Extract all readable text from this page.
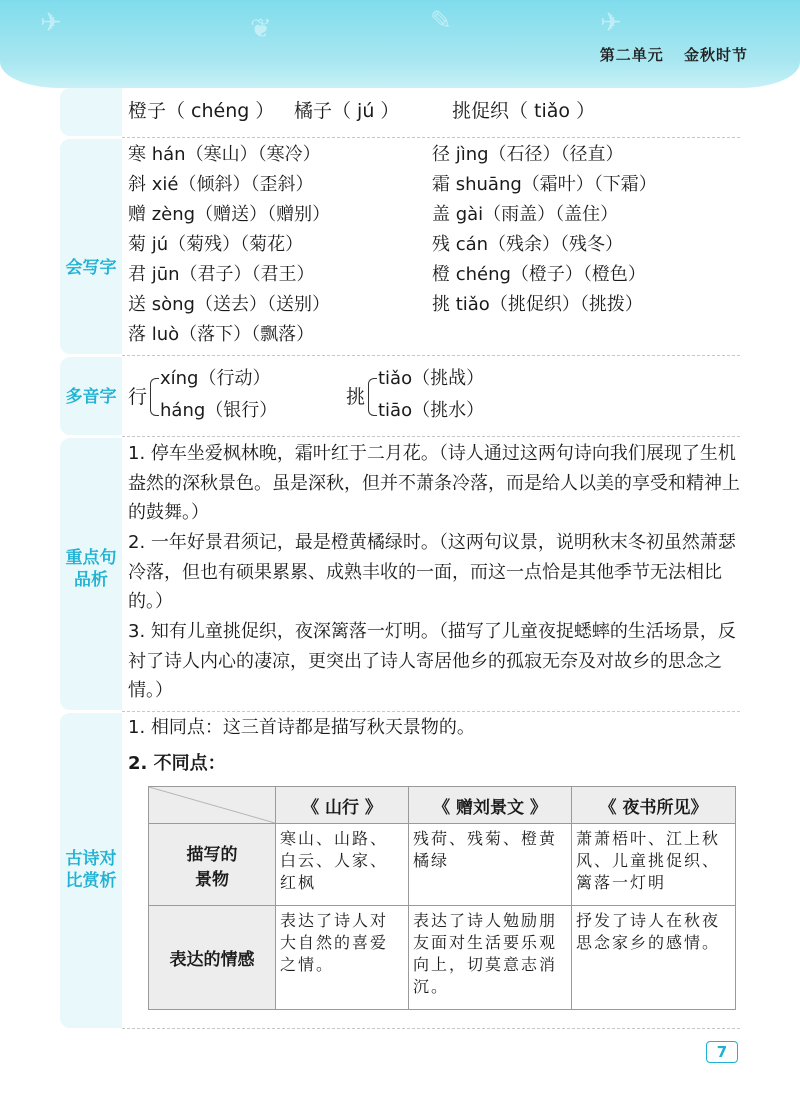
✈	❦	✎	✈
第二单元 金秋时节
会写字
多音字
重点句
品析
古诗对
比赏析
橙子（ chéng ） 橘子（ jú ）	挑促织（ tiǎo ）
寒 hán（寒山）（寒冷）
斜 xié（倾斜）（歪斜）
赠 zèng（赠送）（赠别）
菊 jú（菊残）（菊花）
君 jūn（君子）（君王）
送 sòng（送去）（送别）
落 luò（落下）（飘落）
径 jìng（石径）（径直）
霜 shuāng（霜叶）（下霜）
盖 gài（雨盖）（盖住）
残 cán（残余）（残冬）
橙 chéng（橙子）（橙色）
挑 tiǎo（挑促织）（挑拨）
行
xíng（行动）
háng（银行）
挑
tiǎo（挑战）
tiāo（挑水）
1. 停车坐爱枫林晚，霜叶红于二月花。（诗人通过这两句诗向我们展现了生机盎然的深秋景色。虽是深秋，但并不萧条冷落，而是给人以美的享受和精神上的鼓舞。）
2. 一年好景君须记，最是橙黄橘绿时。（这两句议景，说明秋末冬初虽然萧瑟冷落，但也有硕果累累、成熟丰收的一面，而这一点恰是其他季节无法相比的。）
3. 知有儿童挑促织，夜深篱落一灯明。（描写了儿童夜捉蟋蟀的生活场景，反衬了诗人内心的凄凉，更突出了诗人寄居他乡的孤寂无奈及对故乡的思念之情。）
1. 相同点：这三首诗都是描写秋天景物的。
2. 不同点：
	《 山行 》	《 赠刘景文 》	《 夜书所见》
描写的
景物	寒山、山路、白云、人家、红枫	残荷、残菊、橙黄橘绿	萧萧梧叶、江上秋风、儿童挑促织、篱落一灯明
表达的情感	表达了诗人对大自然的喜爱之情。	表达了诗人勉励朋友面对生活要乐观向上，切莫意志消沉。	抒发了诗人在秋夜思念家乡的感情。
7
